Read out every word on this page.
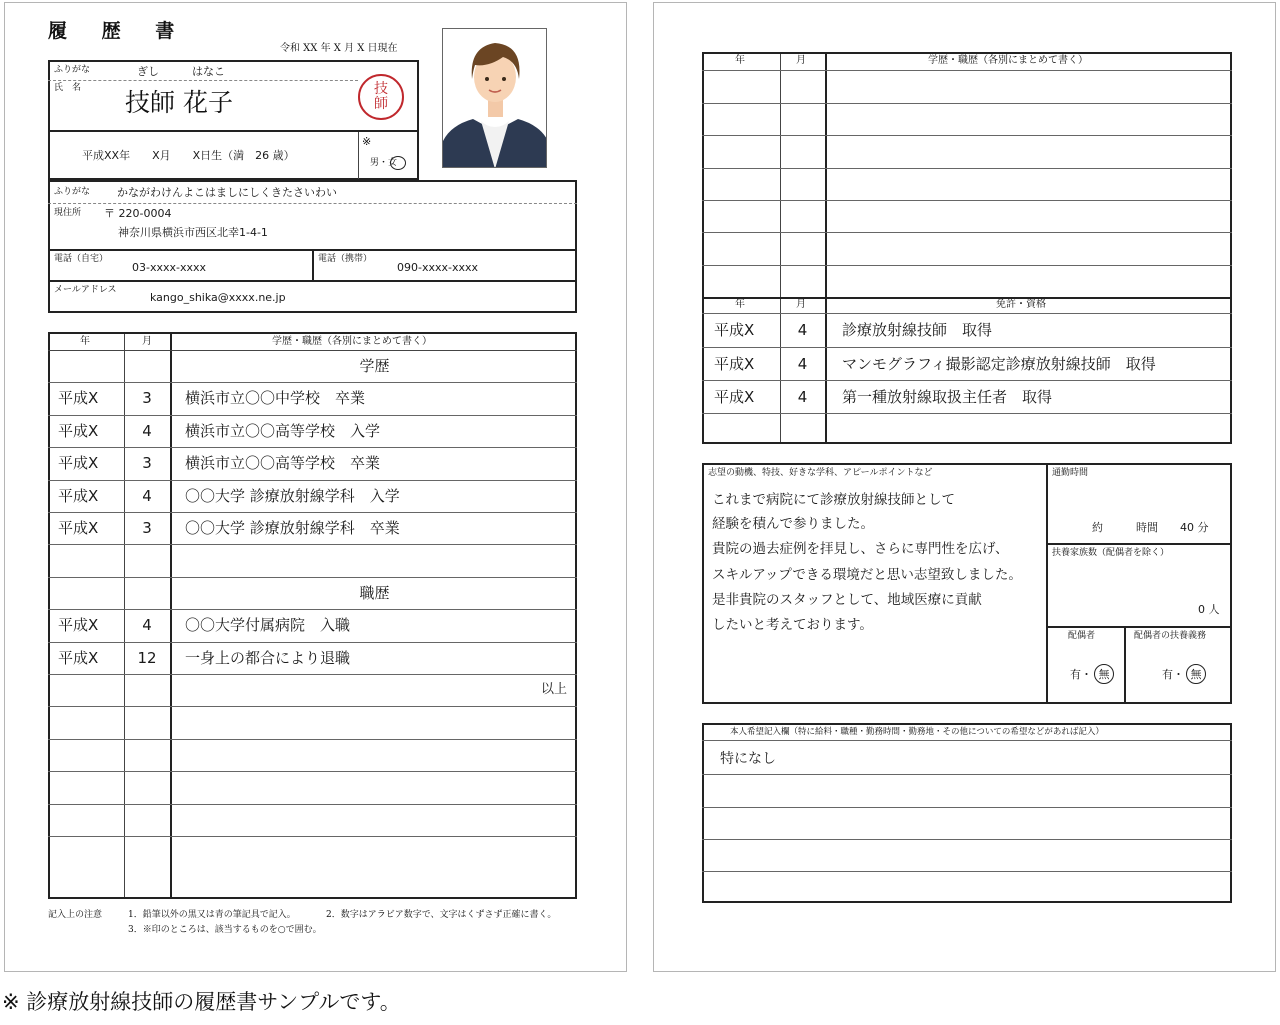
履 歴 書
令和 XX 年 X 月 X 日現在
ふりがな	ぎし　　　はなこ
氏　名 技師 花子	技
師
※
平成XX年　　X月　　X日生（満　26 歳）
男・女
ふりがな かながわけんよこはましにしくきたさいわい
現住所 〒 220-0004
神奈川県横浜市西区北幸1-4-1
電話（自宅）
03-xxxx-xxxx
電話（携帯）
090-xxxx-xxxx
メールアドレス
kango_shika@xxxx.ne.jp
年	月	学歴・職歴（各別にまとめて書く）
学歴
平成X	3	横浜市立〇〇中学校　卒業
平成X	4	横浜市立〇〇高等学校　入学
平成X	3	横浜市立〇〇高等学校　卒業
平成X	4	〇〇大学 診療放射線学科　入学
平成X	3	〇〇大学 診療放射線学科　卒業
職歴
平成X	4	〇〇大学付属病院　入職
平成X	12	一身上の都合により退職
以上
記入上の注意	1．鉛筆以外の黒又は青の筆記具で記入。	2．数字はアラビア数字で、文字はくずさず正確に書く。
3．※印のところは、該当するものを○で囲む。
年	月	学歴・職歴（各別にまとめて書く）
年	月	免許・資格
平成X	4	診療放射線技師　取得
平成X	4	マンモグラフィ撮影認定診療放射線技師　取得
平成X	4	第一種放射線取扱主任者　取得
志望の動機、特技、好きな学科、アピールポイントなど
これまで病院にて診療放射線技師として
経験を積んで参りました。
貴院の過去症例を拝見し、さらに専門性を広げ、
スキルアップできる環境だと思い志望致しました。
是非貴院のスタッフとして、地域医療に貢献
したいと考えております。
通勤時間
約　　　時間　　40 分
扶養家族数（配偶者を除く）
0 人
配偶者
有・ 無
配偶者の扶養義務
有・ 無
本人希望記入欄（特に給料・職種・勤務時間・勤務地・その他についての希望などがあれば記入）
特になし
※ 診療放射線技師の履歴書サンプルです。
